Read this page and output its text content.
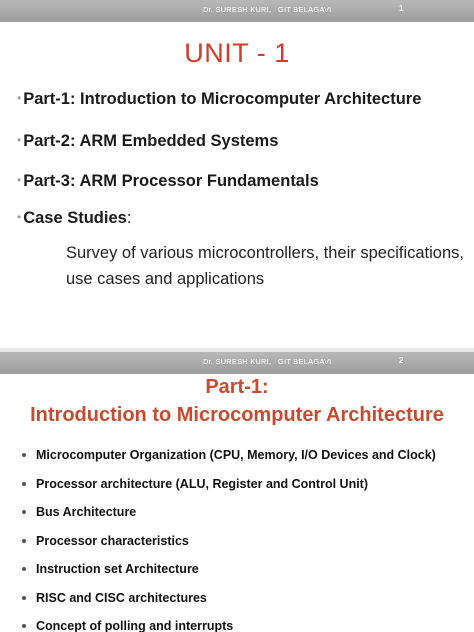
Dr. SURESH KURI,   GIT BELAGAVI	1
UNIT - 1
• Part-1: Introduction to Microcomputer Architecture
• Part-2: ARM Embedded Systems
• Part-3: ARM Processor Fundamentals
• Case Studies:
Survey of various microcontrollers, their specifications, use cases and applications
Dr. SURESH KURI,   GIT BELAGAVI	2
Part-1:
Introduction to Microcomputer Architecture
Microcomputer Organization (CPU, Memory, I/O Devices and Clock)
Processor architecture (ALU, Register and Control Unit)
Bus Architecture
Processor characteristics
Instruction set Architecture
RISC and CISC architectures
Concept of polling and interrupts
